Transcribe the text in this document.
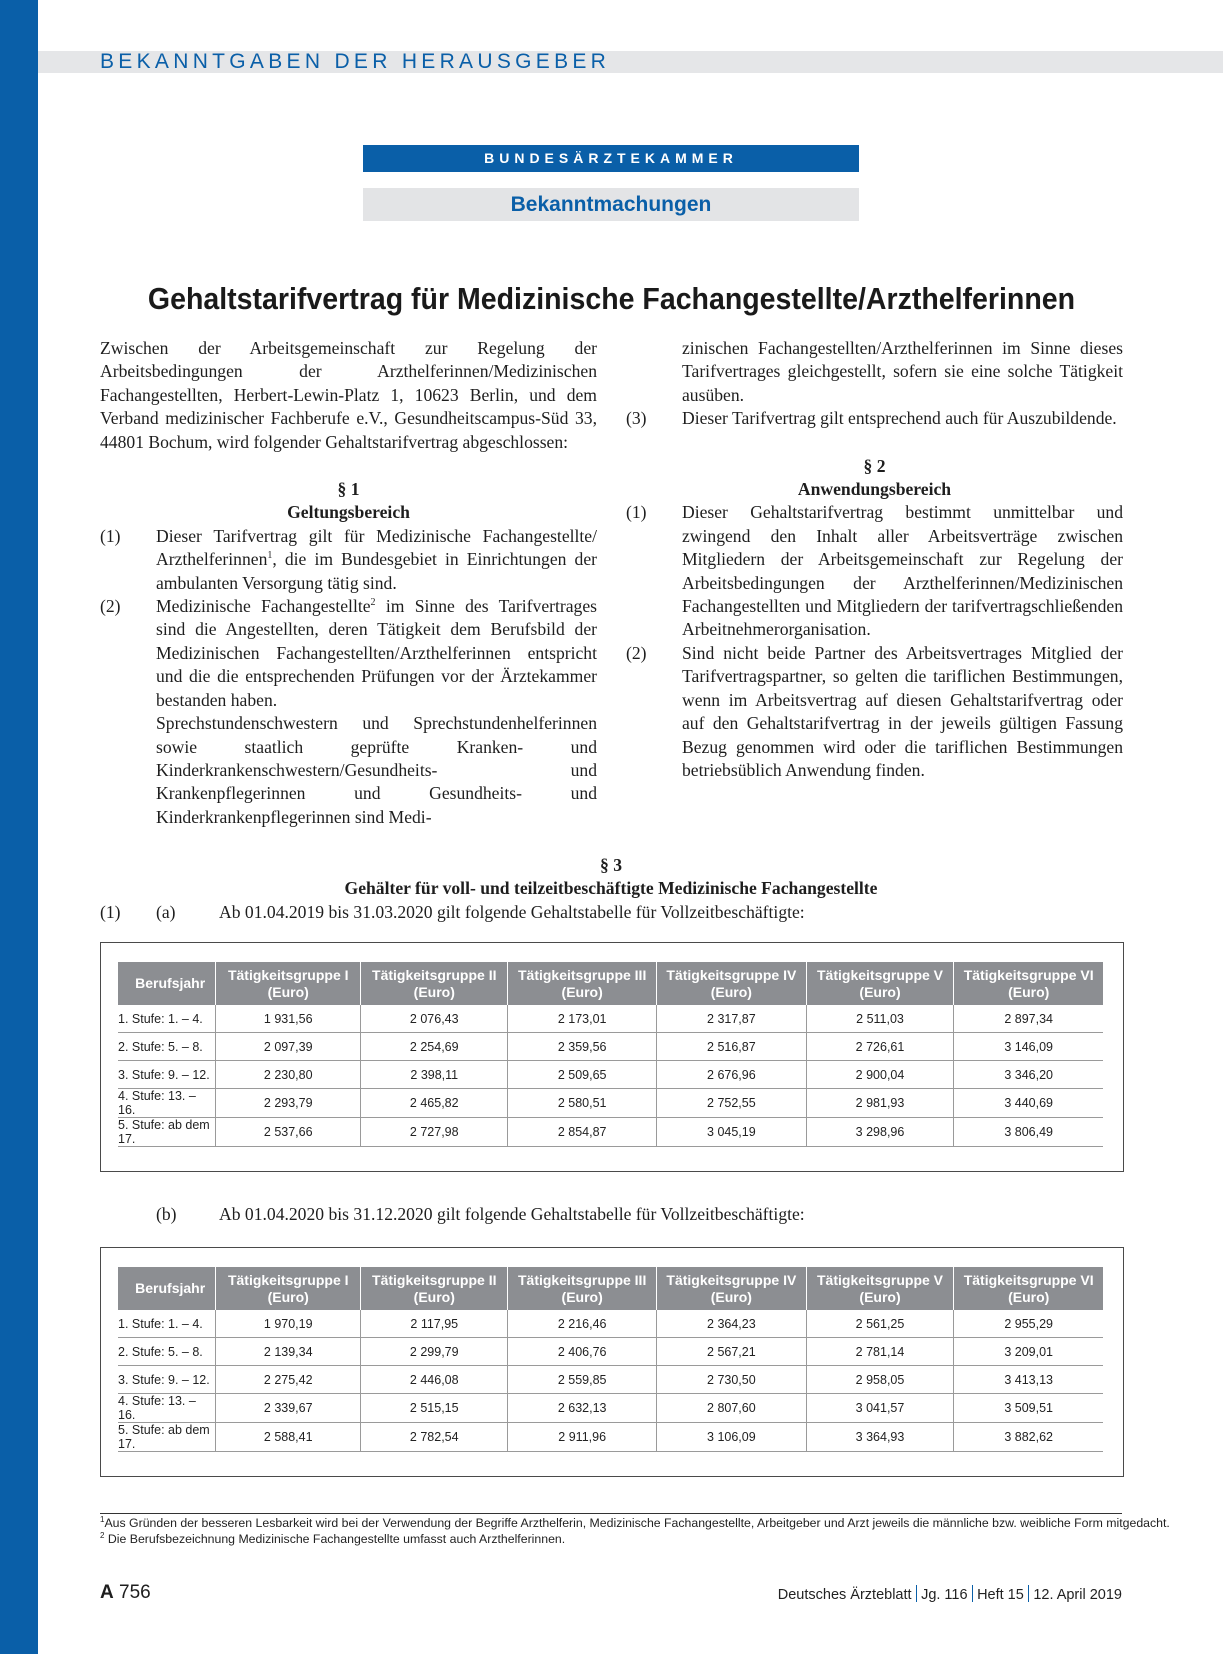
BEKANNTGABEN DER HERAUSGEBER
BUNDESÄRZTEKAMMER
Bekanntmachungen
Gehaltstarifvertrag für Medizinische Fachangestellte/Arzthelferinnen

Zwischen der Arbeitsgemeinschaft zur Regelung der Arbeitsbedingungen der Arzthelferinnen/Medizinischen Fachangestellten, Herbert-Lewin-Platz 1, 10623 Berlin, und dem Verband medizinischer Fachberufe e.V., Gesundheitscampus-Süd 33, 44801 Bochum, wird folgender Gehaltstarifvertrag abgeschlossen:

§ 1
Geltungsbereich
(1) Dieser Tarifvertrag gilt für Medizinische Fachangestellte/ Arzthelferinnen$^1$, die im Bundesgebiet in Einrichtungen der ambulanten Versorgung tätig sind.

(2) Medizinische Fachangestellte$^2$ im Sinne des Tarifvertrages sind die Angestellten, deren Tätigkeit dem Berufsbild der Medizinischen Fachangestellten/Arzthelferinnen entspricht und die die entsprechenden Prüfungen vor der Ärztekammer bestanden haben.

Sprechstundenschwestern und Sprechstundenhelferinnen sowie staatlich geprüfte Kranken- und Kinderkrankenschwestern/Gesundheits- und Krankenpflegerinnen und Gesundheits- und Kinderkrankenpflegerinnen sind Medi-

zinischen Fachangestellten/Arzthelferinnen im Sinne dieses Tarifvertrages gleichgestellt, sofern sie eine solche Tätigkeit ausüben.

(3) Dieser Tarifvertrag gilt entsprechend auch für Auszubildende.

§ 2
Anwendungsbereich
(1) Dieser Gehaltstarifvertrag bestimmt unmittelbar und zwingend den Inhalt aller Arbeitsverträge zwischen Mitgliedern der Arbeitsgemeinschaft zur Regelung der Arbeitsbedingungen der Arzthelferinnen/Medizinischen Fachangestellten und Mitgliedern der tarifvertragschließenden Arbeitnehmerorganisation.

(2) Sind nicht beide Partner des Arbeitsvertrages Mitglied der Tarifvertragspartner, so gelten die tariflichen Bestimmungen, wenn im Arbeitsvertrag auf diesen Gehaltstarifvertrag oder auf den Gehaltstarifvertrag in der jeweils gültigen Fassung Bezug genommen wird oder die tariflichen Bestimmungen betriebsüblich Anwendung finden.

§ 3
Gehälter für voll- und teilzeitbeschäftigte Medizinische Fachangestellte
(1) (a) Ab 01.04.2019 bis 31.03.2020 gilt folgende Gehaltstabelle für Vollzeitbeschäftigte:
Berufsjahr	Tätigkeitsgruppe I (Euro)	Tätigkeitsgruppe II (Euro)	Tätigkeitsgruppe III (Euro)	Tätigkeitsgruppe IV (Euro)	Tätigkeitsgruppe V (Euro)	Tätigkeitsgruppe VI (Euro)
1. Stufe: 1. – 4.	1 931,56	2 076,43	2 173,01	2 317,87	2 511,03	2 897,34
2. Stufe: 5. – 8.	2 097,39	2 254,69	2 359,56	2 516,87	2 726,61	3 146,09
3. Stufe: 9. – 12.	2 230,80	2 398,11	2 509,65	2 676,96	2 900,04	3 346,20
4. Stufe: 13. – 16.	2 293,79	2 465,82	2 580,51	2 752,55	2 981,93	3 440,69
5. Stufe: ab dem 17.	2 537,66	2 727,98	2 854,87	3 045,19	3 298,96	3 806,49
(b) Ab 01.04.2020 bis 31.12.2020 gilt folgende Gehaltstabelle für Vollzeitbeschäftigte:
Berufsjahr	Tätigkeitsgruppe I (Euro)	Tätigkeitsgruppe II (Euro)	Tätigkeitsgruppe III (Euro)	Tätigkeitsgruppe IV (Euro)	Tätigkeitsgruppe V (Euro)	Tätigkeitsgruppe VI (Euro)
1. Stufe: 1. – 4.	1 970,19	2 117,95	2 216,46	2 364,23	2 561,25	2 955,29
2. Stufe: 5. – 8.	2 139,34	2 299,79	2 406,76	2 567,21	2 781,14	3 209,01
3. Stufe: 9. – 12.	2 275,42	2 446,08	2 559,85	2 730,50	2 958,05	3 413,13
4. Stufe: 13. – 16.	2 339,67	2 515,15	2 632,13	2 807,60	3 041,57	3 509,51
5. Stufe: ab dem 17.	2 588,41	2 782,54	2 911,96	3 106,09	3 364,93	3 882,62
$^1$Aus Gründen der besseren Lesbarkeit wird bei der Verwendung der Begriffe Arzthelferin, Medizinische Fachangestellte, Arbeitgeber und Arzt jeweils die männliche bzw. weibliche Form mitgedacht.
$^2$ Die Berufsbezeichnung Medizinische Fachangestellte umfasst auch Arzthelferinnen.
A 756	Deutsches Ärzteblatt Jg. 116 Heft 15 12. April 2019
